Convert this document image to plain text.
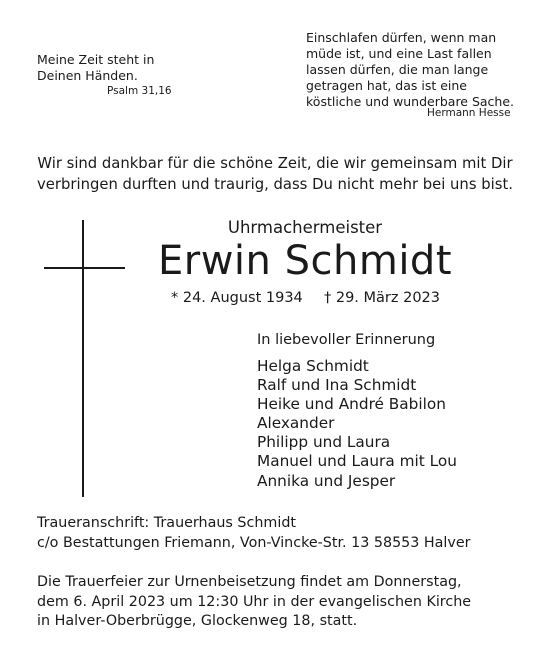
Meine Zeit steht in
Deinen Händen.
Psalm 31,16
Einschlafen dürfen, wenn man
müde ist, und eine Last fallen
lassen dürfen, die man lange
getragen hat, das ist eine
köstliche und wunderbare Sache.
Hermann Hesse
Wir sind dankbar für die schöne Zeit, die wir gemeinsam mit Dir
verbringen durften und traurig, dass Du nicht mehr bei uns bist.
Uhrmachermeister
Erwin Schmidt
* 24. August 1934 † 29. März 2023
In liebevoller Erinnerung
Helga Schmidt
Ralf und Ina Schmidt
Heike und André Babilon
Alexander
Philipp und Laura
Manuel und Laura mit Lou
Annika und Jesper
Traueranschrift: Trauerhaus Schmidt
c/o Bestattungen Friemann, Von-Vincke-Str. 13 58553 Halver
Die Trauerfeier zur Urnenbeisetzung findet am Donnerstag,
dem 6. April 2023 um 12:30 Uhr in der evangelischen Kirche
in Halver-Oberbrügge, Glockenweg 18, statt.
